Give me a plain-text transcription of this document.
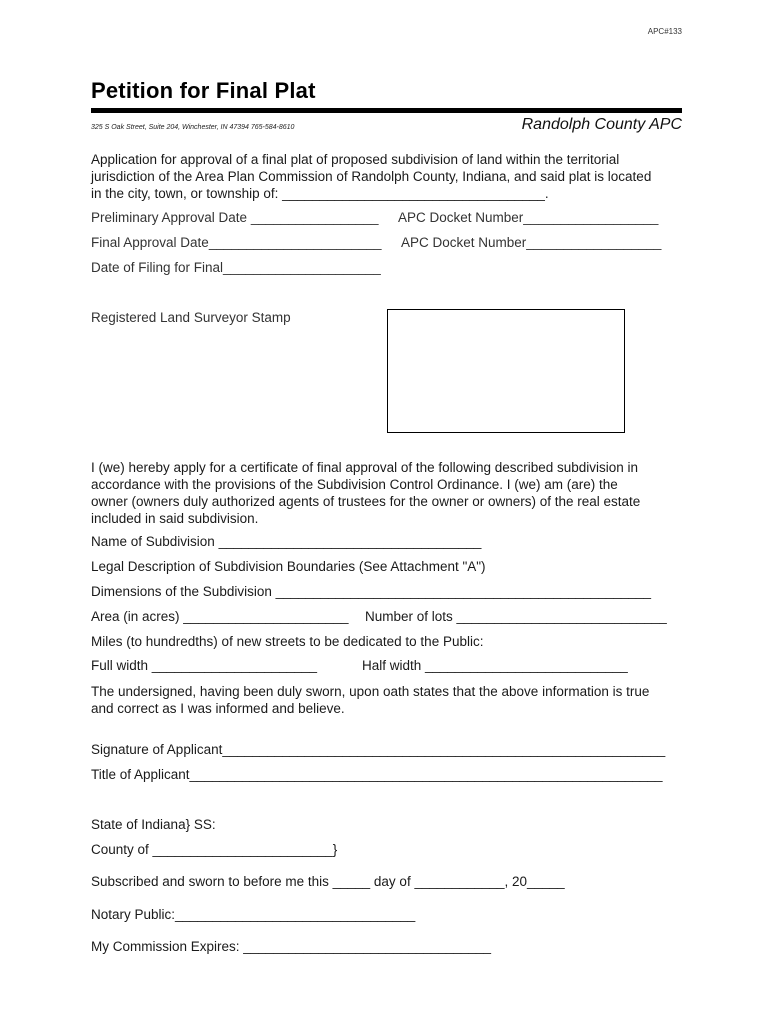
APC#133
Petition for Final Plat
325 S Oak Street, Suite 204, Winchester, IN 47394 765-584-8610	Randolph County APC
Application for approval of a final plat of proposed subdivision of land within the territorial
jurisdiction of the Area Plan Commission of Randolph County, Indiana, and said plat is located
in the city, town, or township of: ___________________________________.
Preliminary Approval Date _________________ APC Docket Number__________________
Final Approval Date_______________________ APC Docket Number__________________
Date of Filing for Final_____________________
Registered Land Surveyor Stamp
I (we) hereby apply for a certificate of final approval of the following described subdivision in
accordance with the provisions of the Subdivision Control Ordinance. I (we) am (are) the
owner (owners duly authorized agents of trustees for the owner or owners) of the real estate
included in said subdivision.
Name of Subdivision ___________________________________
Legal Description of Subdivision Boundaries (See Attachment "A")
Dimensions of the Subdivision __________________________________________________
Area (in acres) ______________________ Number of lots ____________________________
Miles (to hundredths) of new streets to be dedicated to the Public:
Full width ______________________	Half width ___________________________
The undersigned, having been duly sworn, upon oath states that the above information is true
and correct as I was informed and believe.
Signature of Applicant___________________________________________________________
Title of Applicant_______________________________________________________________
State of Indiana} SS:
County of ________________________}
Subscribed and sworn to before me this _____ day of ____________, 20_____
Notary Public:________________________________
My Commission Expires: _________________________________
